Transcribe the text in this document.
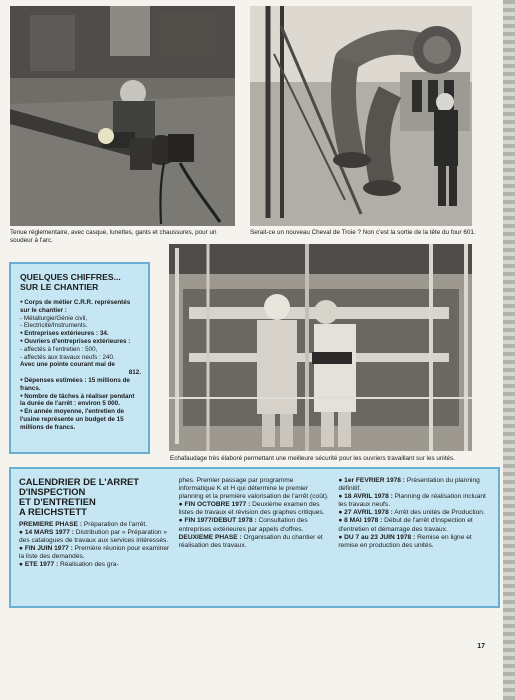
Tenue réglementaire, avec casque, lunettes, gants et chaussures, pour un soudeur à l'arc.
Serait-ce un nouveau Cheval de Troie ? Non c'est la sortie de la tête du four 601.
Echafaudage très élaboré permettant une meilleure sécurité pour les ouvriers travaillant sur les unités.
QUELQUES CHIFFRES...
SUR LE CHANTIER
● Corps de métier C.R.R. représentés sur le chantier :
- Métallurgie/Génie civil,
- Electricité/Instruments.
● Entreprises extérieures : 34.
● Ouvriers d'entreprises extérieures :
- affectés à l'entretien : 500,
- affectés aux travaux neufs : 240.
Avec une pointe courant mai de
812.
● Dépenses estimées : 15 millions de francs.
● Nombre de tâches à réaliser pendant la durée de l'arrêt : environ 5 000.
● En année moyenne, l'entretien de l'usine représente un budget de 15 millions de francs.
CALENDRIER DE L'ARRET
D'INSPECTION
ET D'ENTRETIEN
A REICHSTETT

PREMIERE PHASE : Préparation de l'arrêt.

● 14 MARS 1977 : Distribution par « Préparation » des catalogues de travaux aux services intéressés.

● FIN JUIN 1977 : Première réunion pour examiner la liste des demandés.

● ETE 1977 : Réalisation des gra-

phes. Premier passage par programme informatique K et H qui détermine le premier planning et la première valorisation de l'arrêt (coût).

● FIN OCTOBRE 1977 : Deuxième examen des listes de travaux et révision des graphes critiques.

● FIN 1977/DEBUT 1978 : Consultation des entreprises extérieures par appels d'offres.

DEUXIEME PHASE : Organisation du chantier et réalisation des travaux.

● 1er FEVRIER 1978 : Présentation du planning définitif.

● 18 AVRIL 1978 : Planning de réalisation incluant les travaux neufs.

● 27 AVRIL 1978 : Arrêt des unités de Production.

● 8 MAI 1978 : Début de l'arrêt d'inspection et d'entretien et démarrage des travaux.

● DU 7 au 23 JUIN 1978 : Remise en ligne et remise en production des unités.

17
